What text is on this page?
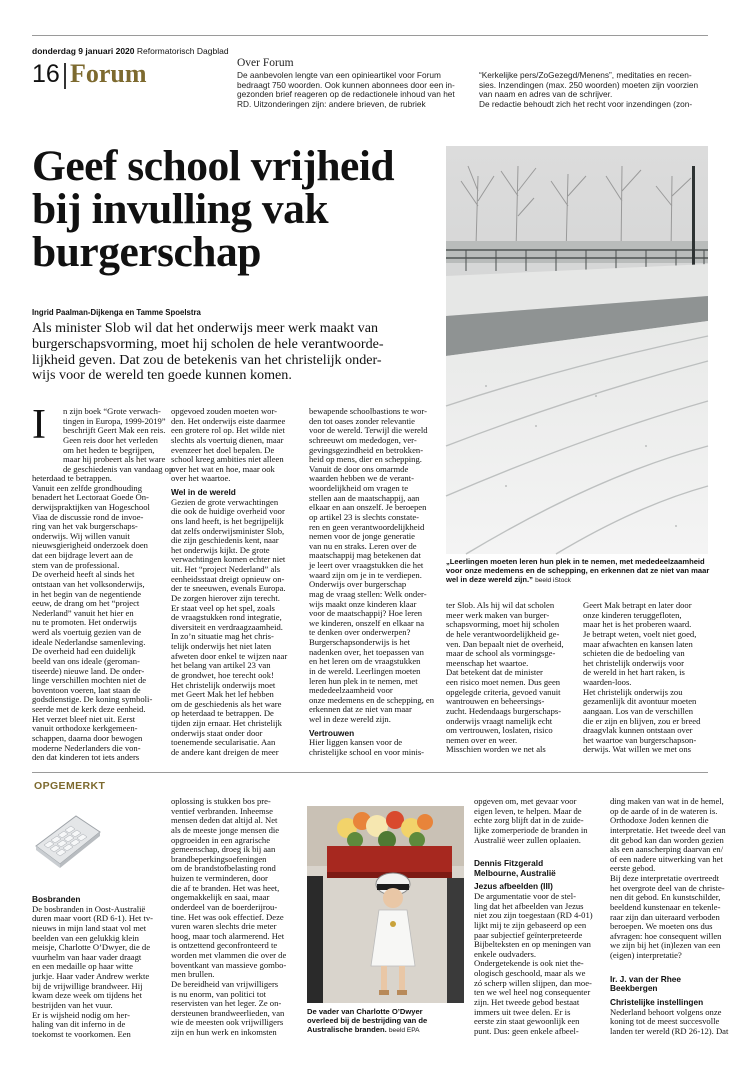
donderdag 9 januari 2020 Reformatorisch Dagblad
16 Forum	Over Forum

De aanbevolen lengte van een opinieartikel voor Forum

bedraagt 750 woorden. Ook kunnen abonnees door een in-

gezonden brief reageren op de redactionele inhoud van het

RD. Uitzonderingen zijn: andere brieven, de rubriek

“Kerkelijke pers/ZoGezegd/Menens”, meditaties en recen-

sies. Inzendingen (max. 250 woorden) moeten zijn voorzien

van naam en adres van de schrijver.

De redactie behoudt zich het recht voor inzendingen (zon-

Geef school vrijheid

bij invulling vak

burgerschap

Ingrid Paalman-Dijkenga en Tamme Spoelstra

Als minister Slob wil dat het onderwijs meer werk maakt van

burgerschapsvorming, moet hij scholen de hele verantwoorde-

lijkheid geven. Dat zou de betekenis van het christelijk onder-

wijs voor de wereld ten goede kunnen komen.

I n zijn boek “Grote verwach-

tingen in Europa, 1999-2019”

beschrijft Geert Mak een reis.

Geen reis door het verleden

om het heden te begrijpen,

maar hij probeert als het ware

de geschiedenis van vandaag op

heterdaad te betrappen.

Vanuit een zelfde grondhouding

benadert het Lectoraat Goede On-

derwijspraktijken van Hogeschool

Viaa de discussie rond de invoe-

ring van het vak burgerschaps-

onderwijs. Wij willen vanuit

nieuwsgierigheid onderzoek doen

dat een bijdrage levert aan de

stem van de professional.

De overheid heeft al sinds het

ontstaan van het volksonderwijs,

in het begin van de negentiende

eeuw, de drang om het “project

Nederland” vanuit het hier en

nu te promoten. Het onderwijs

werd als voertuig gezien van de

ideale Nederlandse samenleving.

De overheid had een duidelijk

beeld van ons ideale (geroman-

tiseerde) nieuwe land. De onder-

linge verschillen mochten niet de

boventoon voeren, laat staan de

godsdienstige. De koning symboli-

seerde met de kerk deze eenheid.

Het verzet bleef niet uit. Eerst

vanuit orthodoxe kerkgemeen-

schappen, daarna door bewogen

moderne Nederlanders die von-

den dat kinderen tot iets anders

opgevoed zouden moeten wor-

den. Het onderwijs eiste daarmee

een grotere rol op. Het wilde niet

slechts als voertuig dienen, maar

evenzeer het doel bepalen. De

school kreeg ambities niet alleen

over het wat en hoe, maar ook

over het waartoe.

Wel in de wereld

Gezien de grote verwachtingen

die ook de huidige overheid voor

ons land heeft, is het begrijpelijk

dat zelfs onderwijsminister Slob,

die zijn geschiedenis kent, naar

het onderwijs kijkt. De grote

verwachtingen komen echter niet

uit. Het “project Nederland” als

eenheidsstaat dreigt opnieuw on-

der te sneeuwen, evenals Europa.

De zorgen hierover zijn terecht.

Er staat veel op het spel, zoals

de vraagstukken rond integratie,

diversiteit en verdraagzaamheid.

In zo’n situatie mag het chris-

telijk onderwijs het niet laten

afweten door enkel te wijzen naar

het belang van artikel 23 van

de grondwet, hoe terecht ook!

Het christelijk onderwijs moet

met Geert Mak het lef hebben

om de geschiedenis als het ware

op heterdaad te betrappen. De

tijden zijn ernaar. Het christelijk

onderwijs staat onder door

toenemende secularisatie. Aan

de andere kant dreigen de meer

bewapende schoolbastions te wor-

den tot oases zonder relevantie

voor de wereld. Terwijl die wereld

schreeuwt om mededogen, ver-

gevingsgezindheid en betrokken-

heid op mens, dier en schepping.

Vanuit de door ons omarmde

waarden hebben we de verant-

woordelijkheid om vragen te

stellen aan de maatschappij, aan

elkaar en aan onszelf. Je beroepen

op artikel 23 is slechts constate-

ren en geen verantwoordelijkheid

nemen voor de jonge generatie

van nu en straks. Leren over de

maatschappij mag betekenen dat

je leert over vraagstukken die het

waard zijn om je in te verdiepen.

Onderwijs over burgerschap

mag de vraag stellen: Welk onder-

wijs maakt onze kinderen klaar

voor de maatschappij? Hoe leren

we kinderen, onszelf en elkaar na

te denken over onderwerpen?

Burgerschapsonderwijs is het

nadenken over, het toepassen van

en het leren om de vraagstukken

in de wereld. Leerlingen moeten

leren hun plek in te nemen, met

mededeelzaamheid voor

onze medemens en de schepping, en

erkennen dat ze niet van maar

wel in deze wereld zijn.

Vertrouwen

Hier liggen kansen voor de

christelijke school en voor minis-

ter Slob. Als hij wil dat scholen

meer werk maken van burger-

schapsvorming, moet hij scholen

de hele verantwoordelijkheid ge-

ven. Dan bepaalt niet de overheid,

maar de school als vormingsge-

meenschap het waartoe.

Dat betekent dat de minister

een risico moet nemen. Dus geen

opgelegde criteria, gevoed vanuit

wantrouwen en beheersings-

zucht. Hedendaags burgerschaps-

onderwijs vraagt namelijk echt

om vertrouwen, loslaten, risico

nemen over en weer.

Misschien worden we net als

Geert Mak betrapt en later door

onze kinderen teruggefloten,

maar het is het proberen waard.

Je betrapt weten, voelt niet goed,

maar afwachten en kansen laten

schieten die de bedoeling van

het christelijk onderwijs voor

de wereld in het hart raken, is

waarden-loos.

Het christelijk onderwijs zou

gezamenlijk dit avontuur moeten

aangaan. Los van de verschillen

die er zijn en blijven, zou er breed

draagvlak kunnen ontstaan over

het waartoe van burgerschapson-

derwijs. Wat willen we met ons

„Leerlingen moeten leren hun plek in te nemen, met mededeelzaamheid

voor onze medemens en de schepping, en erkennen dat ze niet van maar

wel in deze wereld zijn.” beeld iStock

OPGEMERKT

Bosbranden

De bosbranden in Oost-Australië

duren maar voort (RD 6-1). Het tv-

nieuws in mijn land staat vol met

beelden van een gelukkig klein

meisje, Charlotte O’Dwyer, die de

vuurhelm van haar vader draagt

en een medaille op haar witte

jurkje. Haar vader Andrew werkte

bij de vrijwillige brandweer. Hij

kwam deze week om tijdens het

bestrijden van het vuur.

Er is wijsheid nodig om her-

haling van dit inferno in de

toekomst te voorkomen. Een

oplossing is stukken bos pre-

ventief verbranden. Inheemse

mensen deden dat altijd al. Net

als de meeste jonge mensen die

opgroeiden in een agrarische

gemeenschap, droeg ik bij aan

brandbeperkingsoefeningen

om de brandstofbelasting rond

huizen te verminderen, door

die af te branden. Het was heet,

ongemakkelijk en saai, maar

onderdeel van de boerderijrou-

tine. Het was ook effectief. Deze

vuren waren slechts drie meter

hoog, maar toch alarmerend. Het

is ontzettend geconfronteerd te

worden met vlammen die over de

boventkant van massieve gombo-

men brullen.

De bereidheid van vrijwilligers

is nu enorm, van politici tot

reservisten van het leger. Ze on-

dersteunen brandweerlieden, van

wie de meesten ook vrijwilligers

zijn en hun werk en inkomsten

De vader van Charlotte O’Dwyer

overleed bij de bestrijding van de

Australische branden. beeld EPA

opgeven om, met gevaar voor

eigen leven, te helpen. Maar de

echte zorg blijft dat in de zuide-

lijke zomerperiode de branden in

Australië weer zullen oplaaien.

Dennis Fitzgerald

Melbourne, Australië

Jezus afbeelden (III)

De argumentatie voor de stel-

ling dat het afbeelden van Jezus

niet zou zijn toegestaan (RD 4-01)

lijkt mij te zijn gebaseerd op een

paar subjectief geïnterpreteerde

Bijbelteksten en op meningen van

enkele oudvaders.

Ondergetekende is ook niet the-

ologisch geschoold, maar als we

zó scherp willen slijpen, dan moe-

ten we wel heel nog consequenter

zijn. Het tweede gebod bestaat

immers uit twee delen. Er is

eerste zin staat gewoonlijk een

punt. Dus: geen enkele afbeel-

ding maken van wat in de hemel,

op de aarde of in de wateren is.

Orthodoxe Joden kennen die

interpretatie. Het tweede deel van

dit gebod kan dan worden gezien

als een aanscherping daarvan en/

of een nadere uitwerking van het

eerste gebod.

Bij deze interpretatie overtreedt

het overgrote deel van de christe-

nen dit gebod. En kunstschilder,

beeldend kunstenaar en tekenle-

raar zijn dan uiteraard verboden

beroepen. We moeten ons dus

afvragen: hoe consequent willen

we zijn bij het (in)lezen van een

(eigen) interpretatie?

Ir. J. van der Rhee

Beekbergen

Christelijke instellingen

Nederland behoort volgens onze

koning tot de meest succesvolle

landen ter wereld (RD 26-12). Dat
